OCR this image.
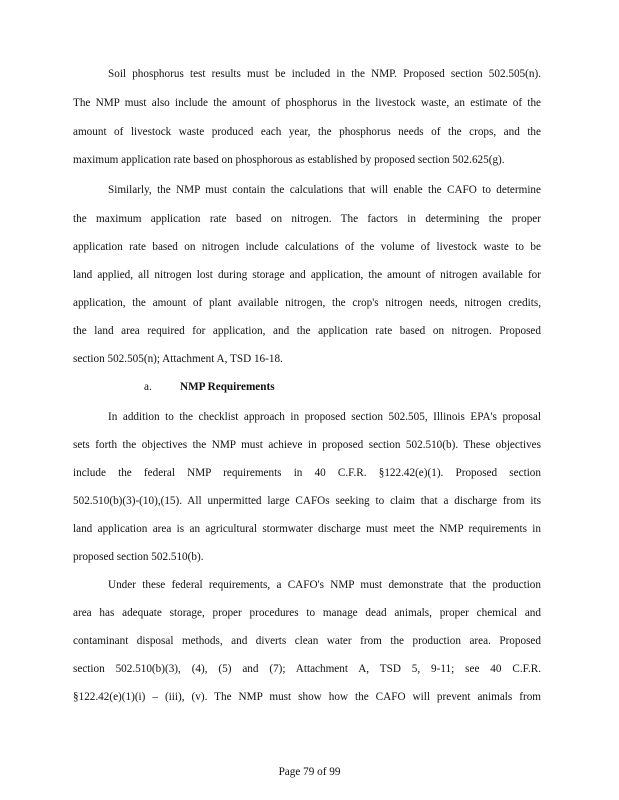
Soil phosphorus test results must be included in the NMP. Proposed section 502.505(n).
The NMP must also include the amount of phosphorus in the livestock waste, an estimate of the
amount of livestock waste produced each year, the phosphorus needs of the crops, and the
maximum application rate based on phosphorous as established by proposed section 502.625(g).
Similarly, the NMP must contain the calculations that will enable the CAFO to determine
the maximum application rate based on nitrogen. The factors in determining the proper
application rate based on nitrogen include calculations of the volume of livestock waste to be
land applied, all nitrogen lost during storage and application, the amount of nitrogen available for
application, the amount of plant available nitrogen, the crop's nitrogen needs, nitrogen credits,
the land area required for application, and the application rate based on nitrogen. Proposed
section 502.505(n); Attachment A, TSD 16-18.
a.	NMP Requirements
In addition to the checklist approach in proposed section 502.505, Illinois EPA's proposal
sets forth the objectives the NMP must achieve in proposed section 502.510(b). These objectives
include the federal NMP requirements in 40 C.F.R. §122.42(e)(1). Proposed section
502.510(b)(3)-(10),(15). All unpermitted large CAFOs seeking to claim that a discharge from its
land application area is an agricultural stormwater discharge must meet the NMP requirements in
proposed section 502.510(b).
Under these federal requirements, a CAFO's NMP must demonstrate that the production
area has adequate storage, proper procedures to manage dead animals, proper chemical and
contaminant disposal methods, and diverts clean water from the production area. Proposed
section 502.510(b)(3), (4), (5) and (7); Attachment A, TSD 5, 9-11; see 40 C.F.R.
§122.42(e)(1)(i) – (iii), (v). The NMP must show how the CAFO will prevent animals from
Page 79 of 99
